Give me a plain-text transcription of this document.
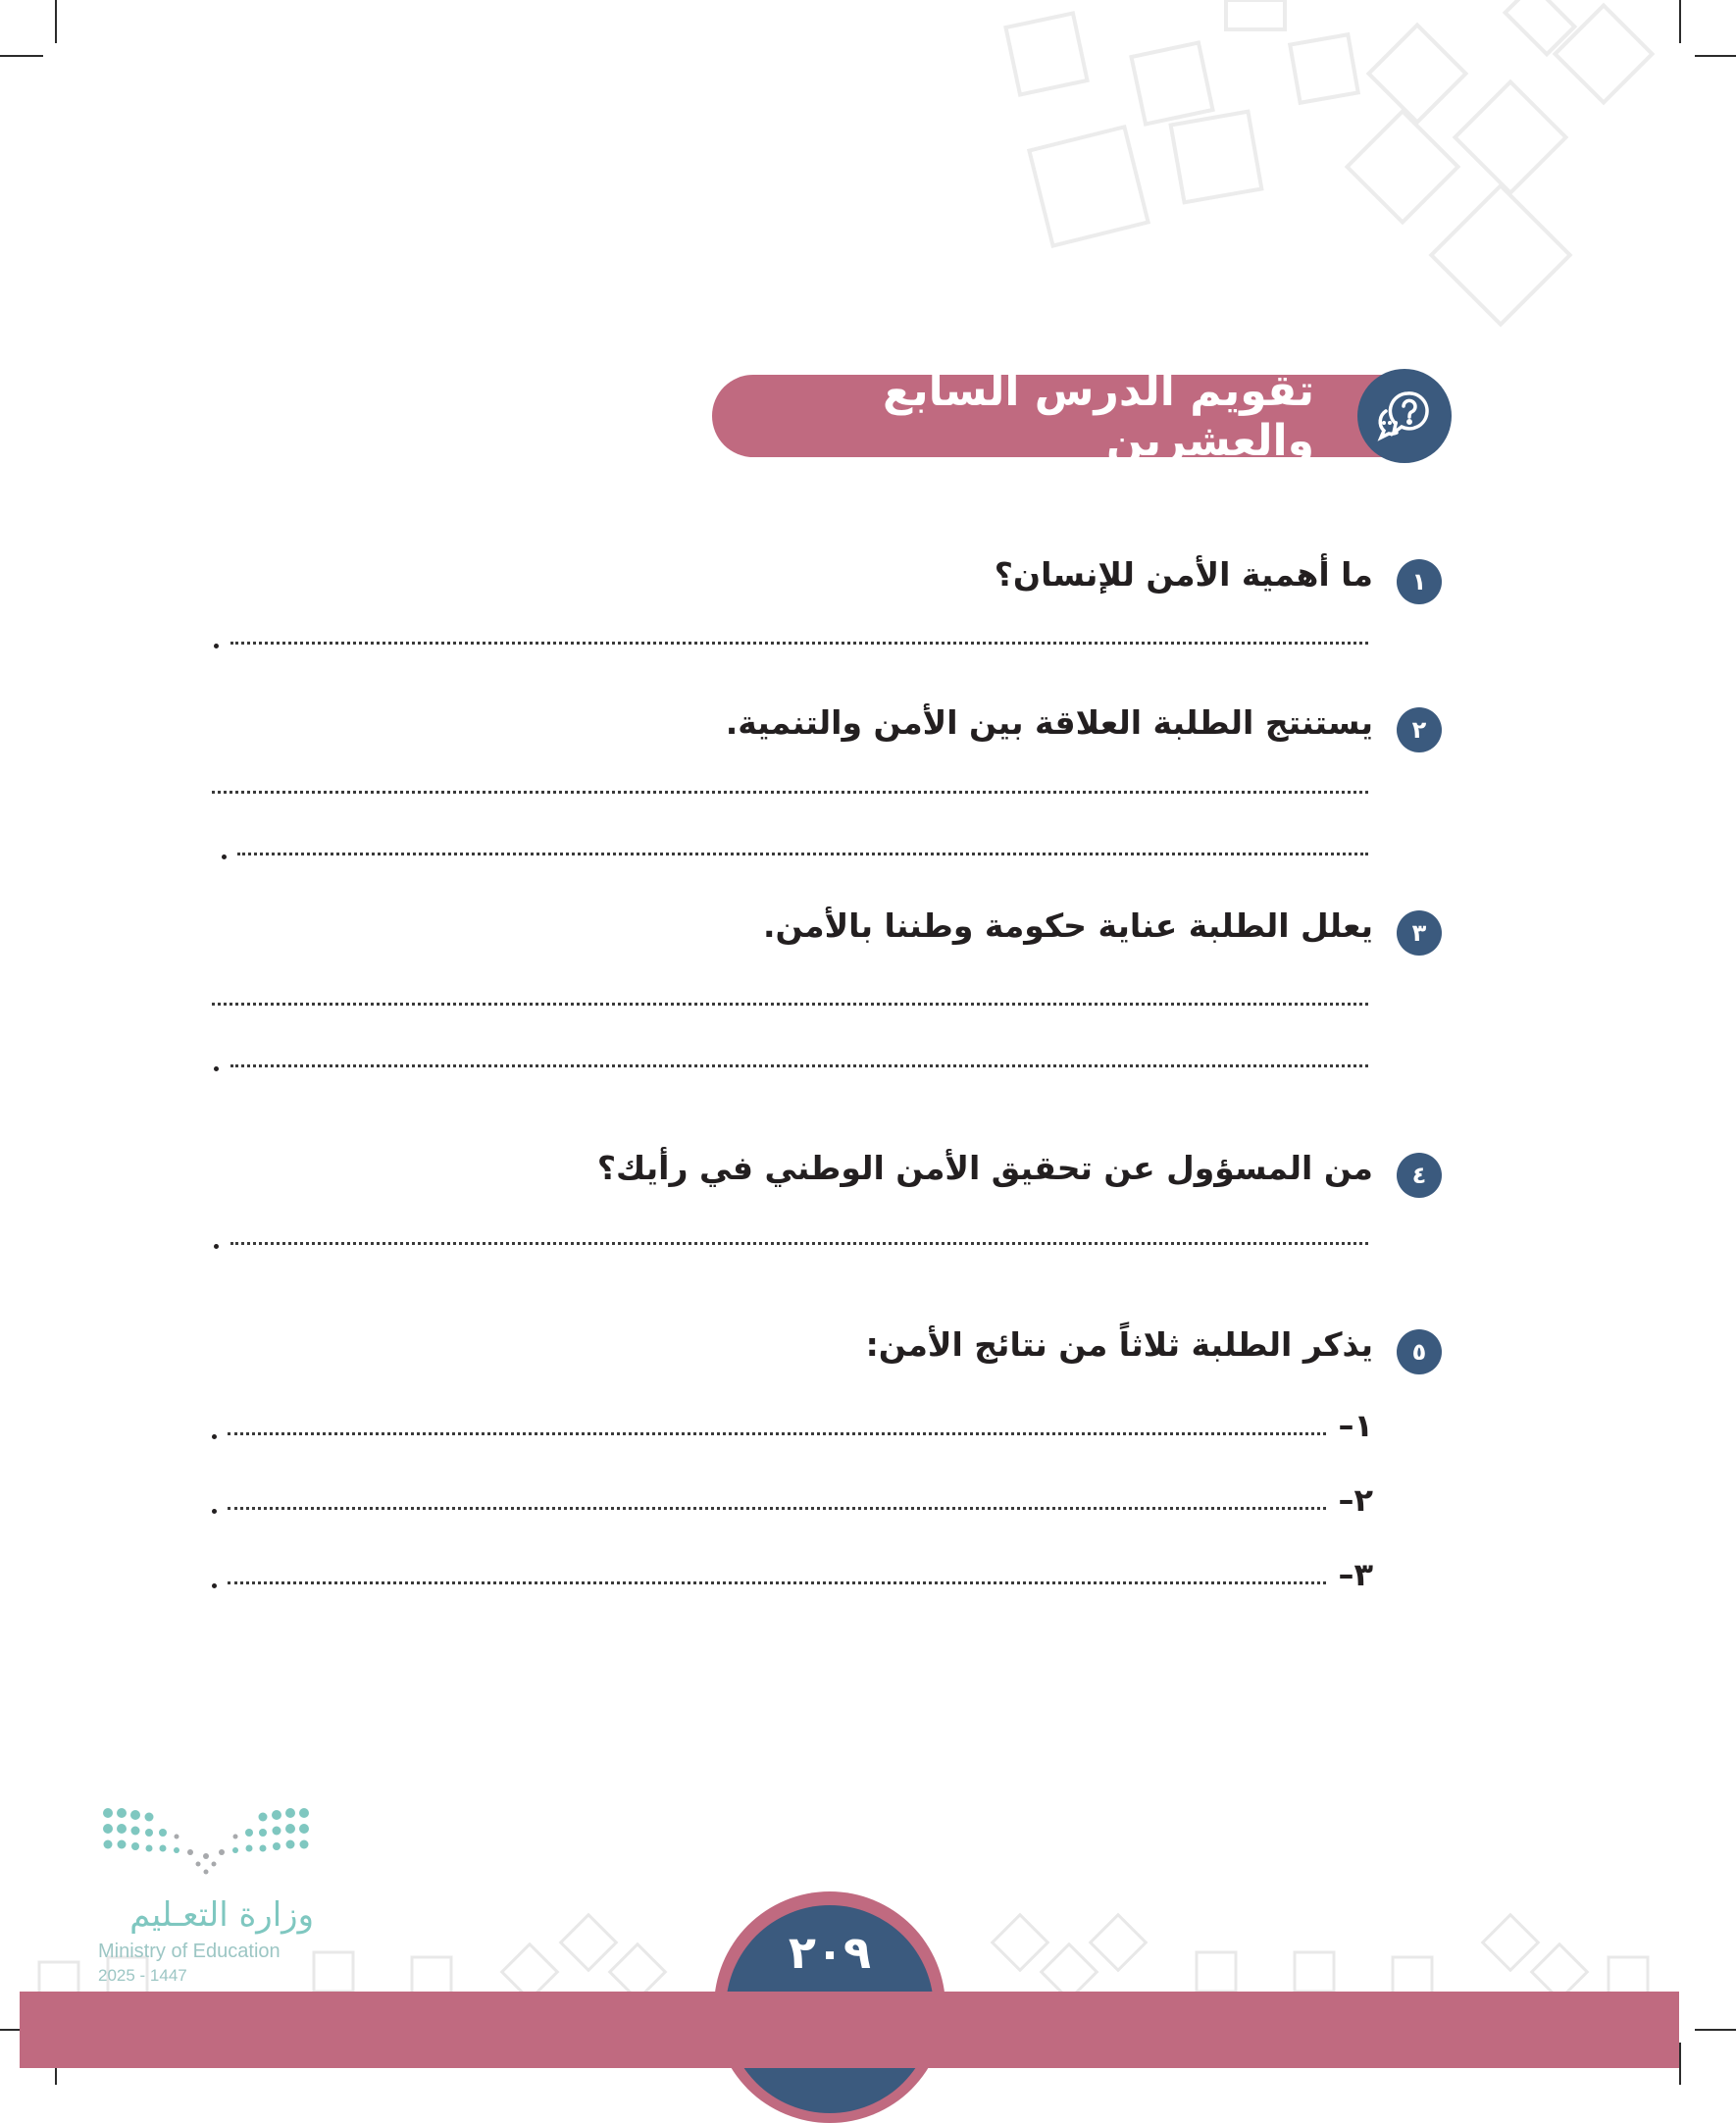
تقويم الدرس السابع والعشرين
١
ما أهمية الأمن للإنسان؟
٢
يستنتج الطلبة العلاقة بين الأمن والتنمية.
٣
يعلل الطلبة عناية حكومة وطننا بالأمن.
٤
من المسؤول عن تحقيق الأمن الوطني في رأيك؟
٥
يذكر الطلبة ثلاثاً من نتائج الأمن:
١–
٢–
٣–
وزارة التعـليم
Ministry of Education
2025 - 1447	٢٠٩
